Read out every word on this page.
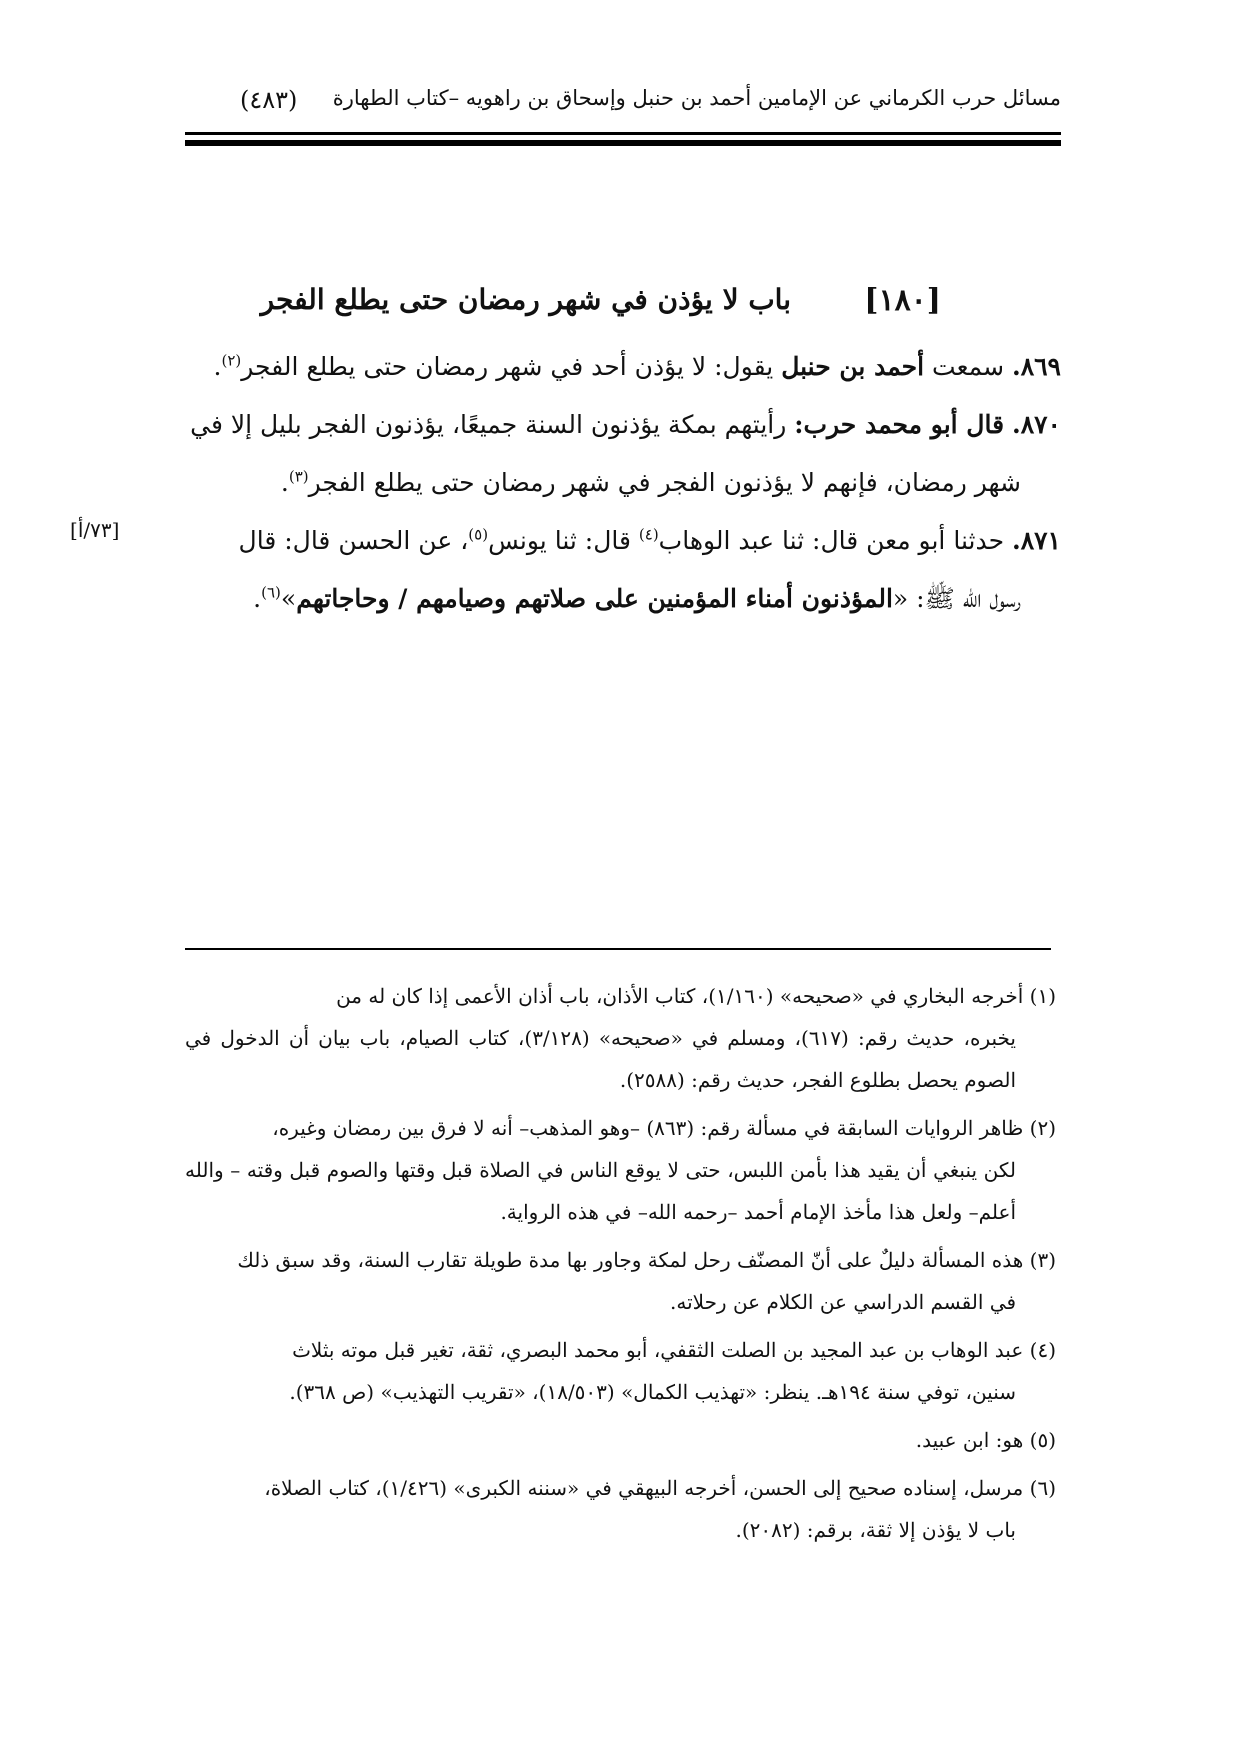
مسائل حرب الكرماني عن الإمامين أحمد بن حنبل وإسحاق بن راهويه –كتاب الطهارة
(٤٨٣)
[١٨٠]
باب لا يؤذن في شهر رمضان حتى يطلع الفجر

٨٦٩. سمعت أحمد بن حنبل يقول: لا يؤذن أحد في شهر رمضان حتى يطلع الفجر$^{(٢)}$.

٨٧٠. قال أبو محمد حرب: رأيتهم بمكة يؤذنون السنة جميعًا، يؤذنون الفجر بليل إلا في
شهر رمضان، فإنهم لا يؤذنون الفجر في شهر رمضان حتى يطلع الفجر$^{(٣)}$.

٨٧١. حدثنا أبو معن قال: ثنا عبد الوهاب$^{(٤)}$ قال: ثنا يونس$^{(٥)}$، عن الحسن قال: قال
رسول الله ﷺ: «المؤذنون أمناء المؤمنين على صلاتهم وصيامهم / وحاجاتهم»$^{(٦)}$.

[٧٣/أ]

(١) أخرجه البخاري في «صحيحه» (١/١٦٠)، كتاب الأذان، باب أذان الأعمى إذا كان له من
يخبره، حديث رقم: (٦١٧)، ومسلم في «صحيحه» (٣/١٢٨)، كتاب الصيام، باب بيان أن الدخول في الصوم يحصل بطلوع الفجر، حديث رقم: (٢٥٨٨).

(٢) ظاهر الروايات السابقة في مسألة رقم: (٨٦٣) –وهو المذهب– أنه لا فرق بين رمضان وغيره،
لكن ينبغي أن يقيد هذا بأمن اللبس، حتى لا يوقع الناس في الصلاة قبل وقتها والصوم قبل وقته – والله أعلم– ولعل هذا مأخذ الإمام أحمد –رحمه الله– في هذه الرواية.

(٣) هذه المسألة دليلٌ على أنّ المصنّف رحل لمكة وجاور بها مدة طويلة تقارب السنة، وقد سبق ذلك
في القسم الدراسي عن الكلام عن رحلاته.

(٤) عبد الوهاب بن عبد المجيد بن الصلت الثقفي، أبو محمد البصري، ثقة، تغير قبل موته بثلاث
سنين، توفي سنة ١٩٤هـ. ينظر: «تهذيب الكمال» (١٨/٥٠٣)، «تقريب التهذيب» (ص ٣٦٨).

(٥) هو: ابن عبيد.

(٦) مرسل، إسناده صحيح إلى الحسن، أخرجه البيهقي في «سننه الكبرى» (١/٤٢٦)، كتاب الصلاة،
باب لا يؤذن إلا ثقة، برقم: (٢٠٨٢).
